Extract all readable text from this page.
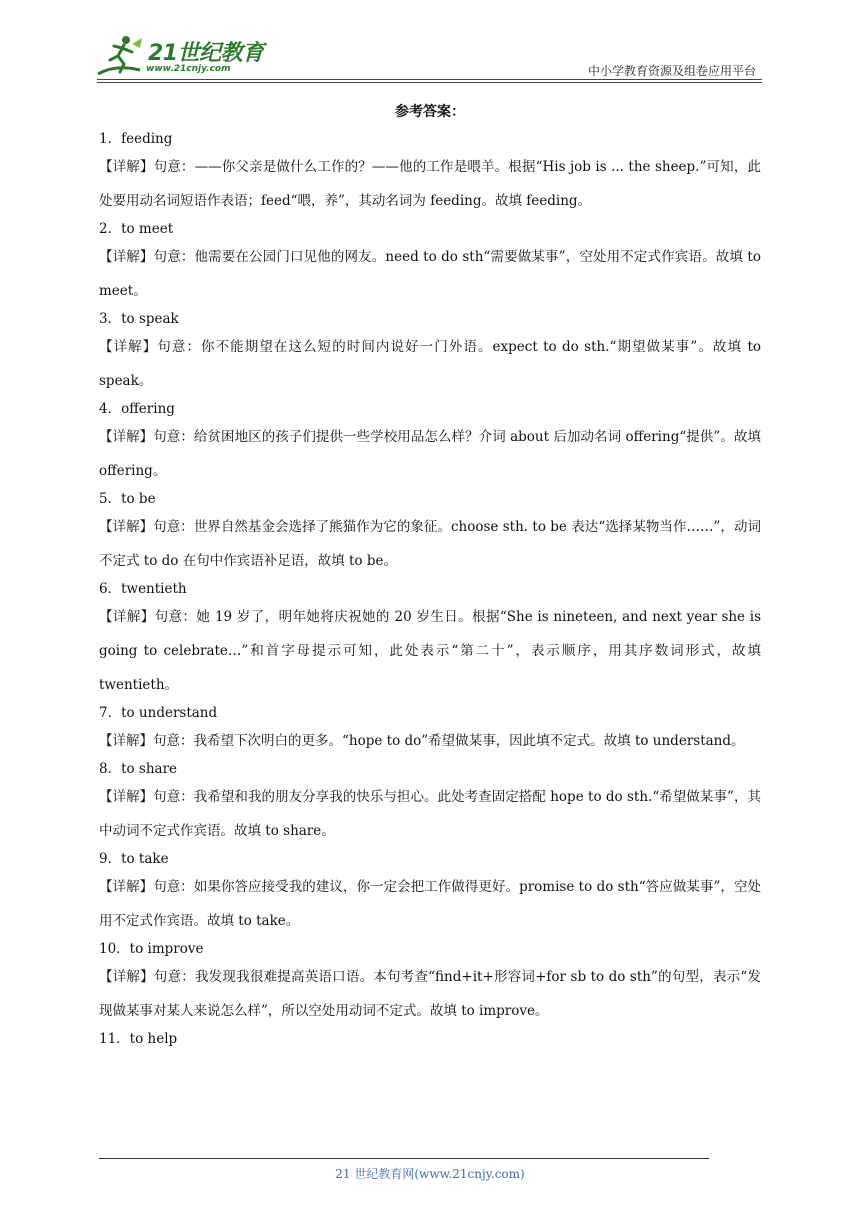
21世纪教育
www.21cnjy.com	中小学教育资源及组卷应用平台
参考答案：
1．feeding
【详解】句意：——你父亲是做什么工作的？——他的工作是喂羊。根据“His job is ... the sheep.”可知，此处要用动名词短语作表语；feed“喂，养”，其动名词为 feeding。故填 feeding。
2．to meet
【详解】句意：他需要在公园门口见他的网友。need to do sth“需要做某事”，空处用不定式作宾语。故填 to meet。
3．to speak
【详解】句意：你不能期望在这么短的时间内说好一门外语。expect to do sth.“期望做某事”。故填 to speak。
4．offering
【详解】句意：给贫困地区的孩子们提供一些学校用品怎么样？介词 about 后加动名词 offering“提供”。故填 offering。
5．to be
【详解】句意：世界自然基金会选择了熊猫作为它的象征。choose sth. to be 表达“选择某物当作……”，动词不定式 to do 在句中作宾语补足语，故填 to be。
6．twentieth
【详解】句意：她 19 岁了，明年她将庆祝她的 20 岁生日。根据“She is nineteen, and next year she is going to celebrate…”和首字母提示可知，此处表示“第二十”，表示顺序，用其序数词形式，故填 twentieth。
7．to understand
【详解】句意：我希望下次明白的更多。“hope to do”希望做某事，因此填不定式。故填 to understand。
8．to share
【详解】句意：我希望和我的朋友分享我的快乐与担心。此处考查固定搭配 hope to do sth.“希望做某事”，其中动词不定式作宾语。故填 to share。
9．to take
【详解】句意：如果你答应接受我的建议，你一定会把工作做得更好。promise to do sth“答应做某事”，空处用不定式作宾语。故填 to take。
10．to improve
【详解】句意：我发现我很难提高英语口语。本句考查“find+it+形容词+for sb to do sth”的句型，表示“发现做某事对某人来说怎么样”，所以空处用动词不定式。故填 to improve。
11．to help
21 世纪教育网(www.21cnjy.com)
